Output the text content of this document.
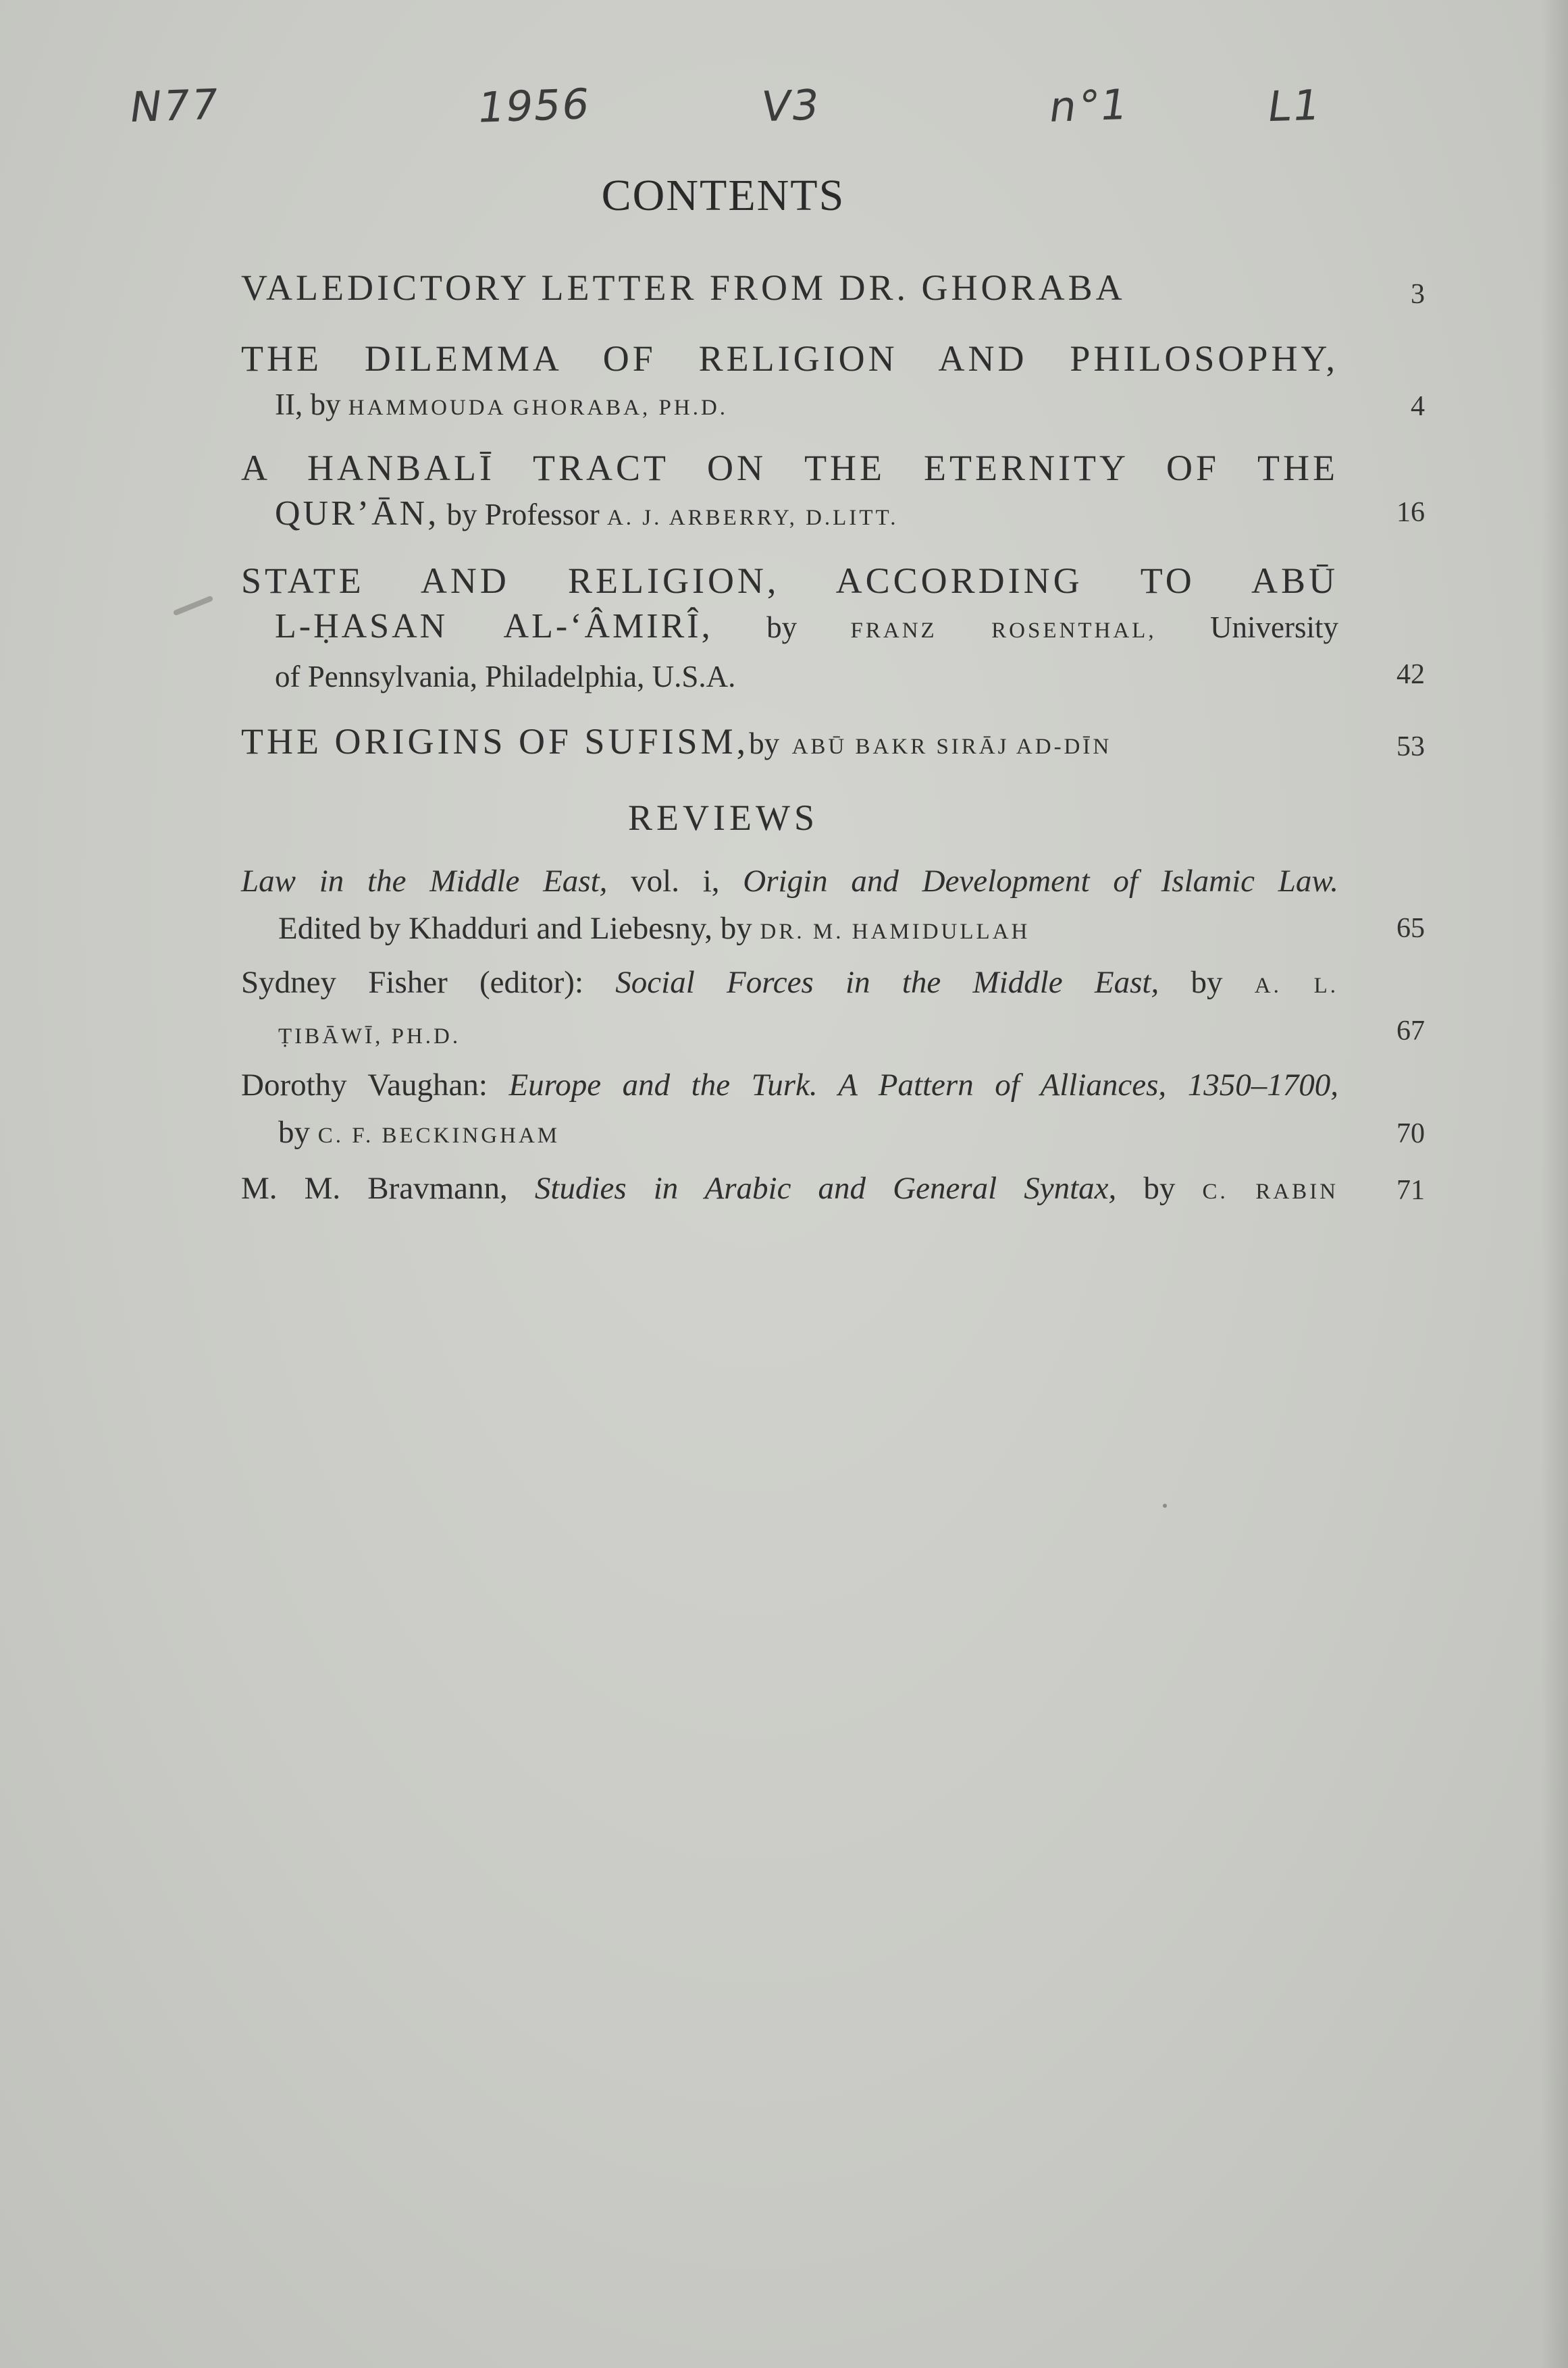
N77	1956	V3	n°1	L1
CONTENTS
VALEDICTORY LETTER FROM DR. GHORABA	3
THE DILEMMA OF RELIGION AND PHILOSOPHY,
II, by HAMMOUDA GHORABA, PH.D.	4
A HANBALĪ TRACT ON THE ETERNITY OF THE
QUR’ĀN, by Professor A. J. ARBERRY, D.LITT.	16
STATE AND RELIGION, ACCORDING TO ABŪ
L-ḤASAN AL-‘ÂMIRÎ, by FRANZ ROSENTHAL, University
of Pennsylvania, Philadelphia, U.S.A.	42
THE ORIGINS OF SUFISM,by ABŪ BAKR SIRĀJ AD-DĪN	53
REVIEWS
Law in the Middle East, vol. i, Origin and Development of Islamic Law.
Edited by Khadduri and Liebesny, by DR. M. HAMIDULLAH	65
Sydney Fisher (editor): Social Forces in the Middle East, by A. L.
ṬIBĀWĪ, PH.D.	67
Dorothy Vaughan: Europe and the Turk. A Pattern of Alliances, 1350–1700,
by C. F. BECKINGHAM	70
M. M. Bravmann, Studies in Arabic and General Syntax, by C. RABIN	71
